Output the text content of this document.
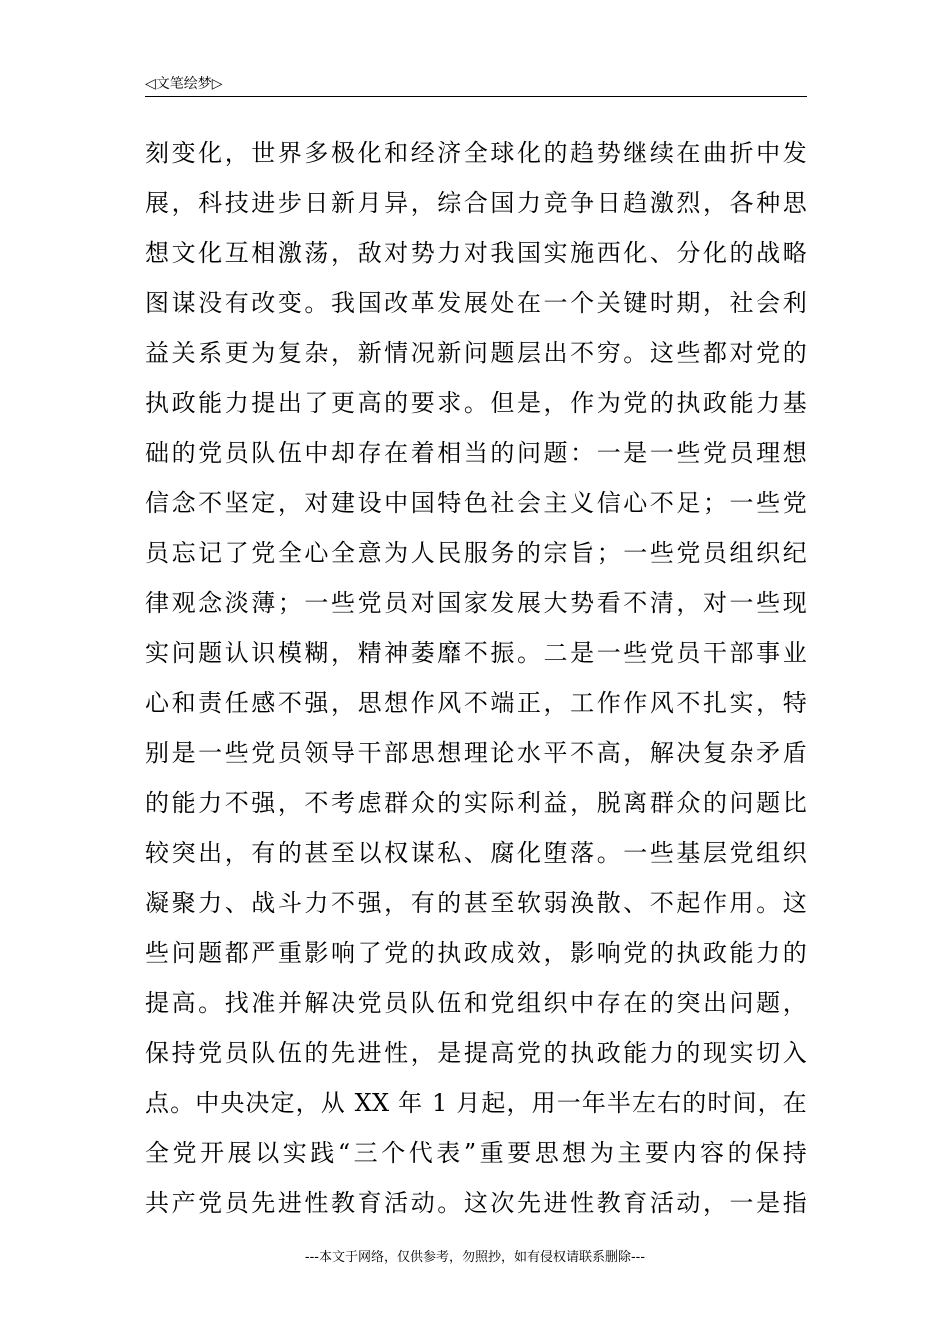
◁文笔绘梦▷
刻变化，世界多极化和经济全球化的趋势继续在曲折中发
展，科技进步日新月异，综合国力竞争日趋激烈，各种思
想文化互相激荡，敌对势力对我国实施西化、分化的战略
图谋没有改变。我国改革发展处在一个关键时期，社会利
益关系更为复杂，新情况新问题层出不穷。这些都对党的
执政能力提出了更高的要求。但是，作为党的执政能力基
础的党员队伍中却存在着相当的问题：一是一些党员理想
信念不坚定，对建设中国特色社会主义信心不足；一些党
员忘记了党全心全意为人民服务的宗旨；一些党员组织纪
律观念淡薄；一些党员对国家发展大势看不清，对一些现
实问题认识模糊，精神萎靡不振。二是一些党员干部事业
心和责任感不强，思想作风不端正，工作作风不扎实，特
别是一些党员领导干部思想理论水平不高，解决复杂矛盾
的能力不强，不考虑群众的实际利益，脱离群众的问题比
较突出，有的甚至以权谋私、腐化堕落。一些基层党组织
凝聚力、战斗力不强，有的甚至软弱涣散、不起作用。这
些问题都严重影响了党的执政成效，影响党的执政能力的
提高。找准并解决党员队伍和党组织中存在的突出问题，
保持党员队伍的先进性，是提高党的执政能力的现实切入
点。中央决定，从 XX 年 1 月起，用一年半左右的时间，在
全党开展以实践“三个代表”重要思想为主要内容的保持
共产党员先进性教育活动。这次先进性教育活动，一是指
---本文于网络，仅供参考，勿照抄，如有侵权请联系删除---
